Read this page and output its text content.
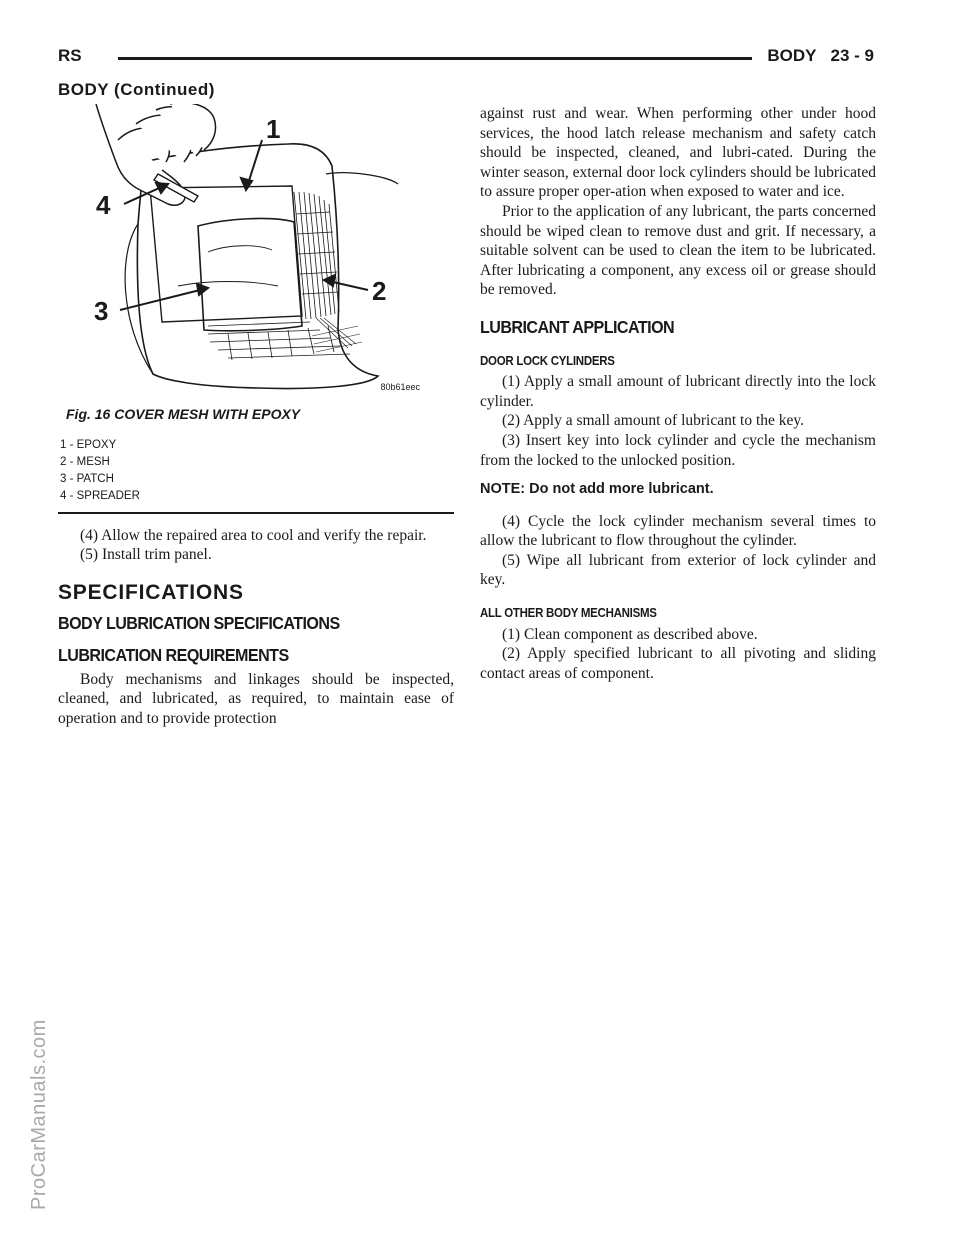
RS	BODY 23 - 9
BODY (Continued)
ProCarManuals.com
1
2
3
4
80b61eec
Fig. 16 COVER MESH WITH EPOXY
1 - EPOXY
2 - MESH
3 - PATCH
4 - SPREADER

(4) Allow the repaired area to cool and verify the repair.

(5) Install trim panel.

SPECIFICATIONS
BODY LUBRICATION SPECIFICATIONS
LUBRICATION REQUIREMENTS

Body mechanisms and linkages should be inspected, cleaned, and lubricated, as required, to maintain ease of operation and to provide protection

against rust and wear. When performing other under hood services, the hood latch release mechanism and safety catch should be inspected, cleaned, and lubri-cated. During the winter season, external door lock cylinders should be lubricated to assure proper oper-ation when exposed to water and ice.

Prior to the application of any lubricant, the parts concerned should be wiped clean to remove dust and grit. If necessary, a suitable solvent can be used to clean the item to be lubricated. After lubricating a component, any excess oil or grease should be removed.

LUBRICANT APPLICATION
DOOR LOCK CYLINDERS

(1) Apply a small amount of lubricant directly into the lock cylinder.

(2) Apply a small amount of lubricant to the key.

(3) Insert key into lock cylinder and cycle the mechanism from the locked to the unlocked position.

NOTE: Do not add more lubricant.

(4) Cycle the lock cylinder mechanism several times to allow the lubricant to flow throughout the cylinder.

(5) Wipe all lubricant from exterior of lock cylinder and key.

ALL OTHER BODY MECHANISMS

(1) Clean component as described above.

(2) Apply specified lubricant to all pivoting and sliding contact areas of component.
